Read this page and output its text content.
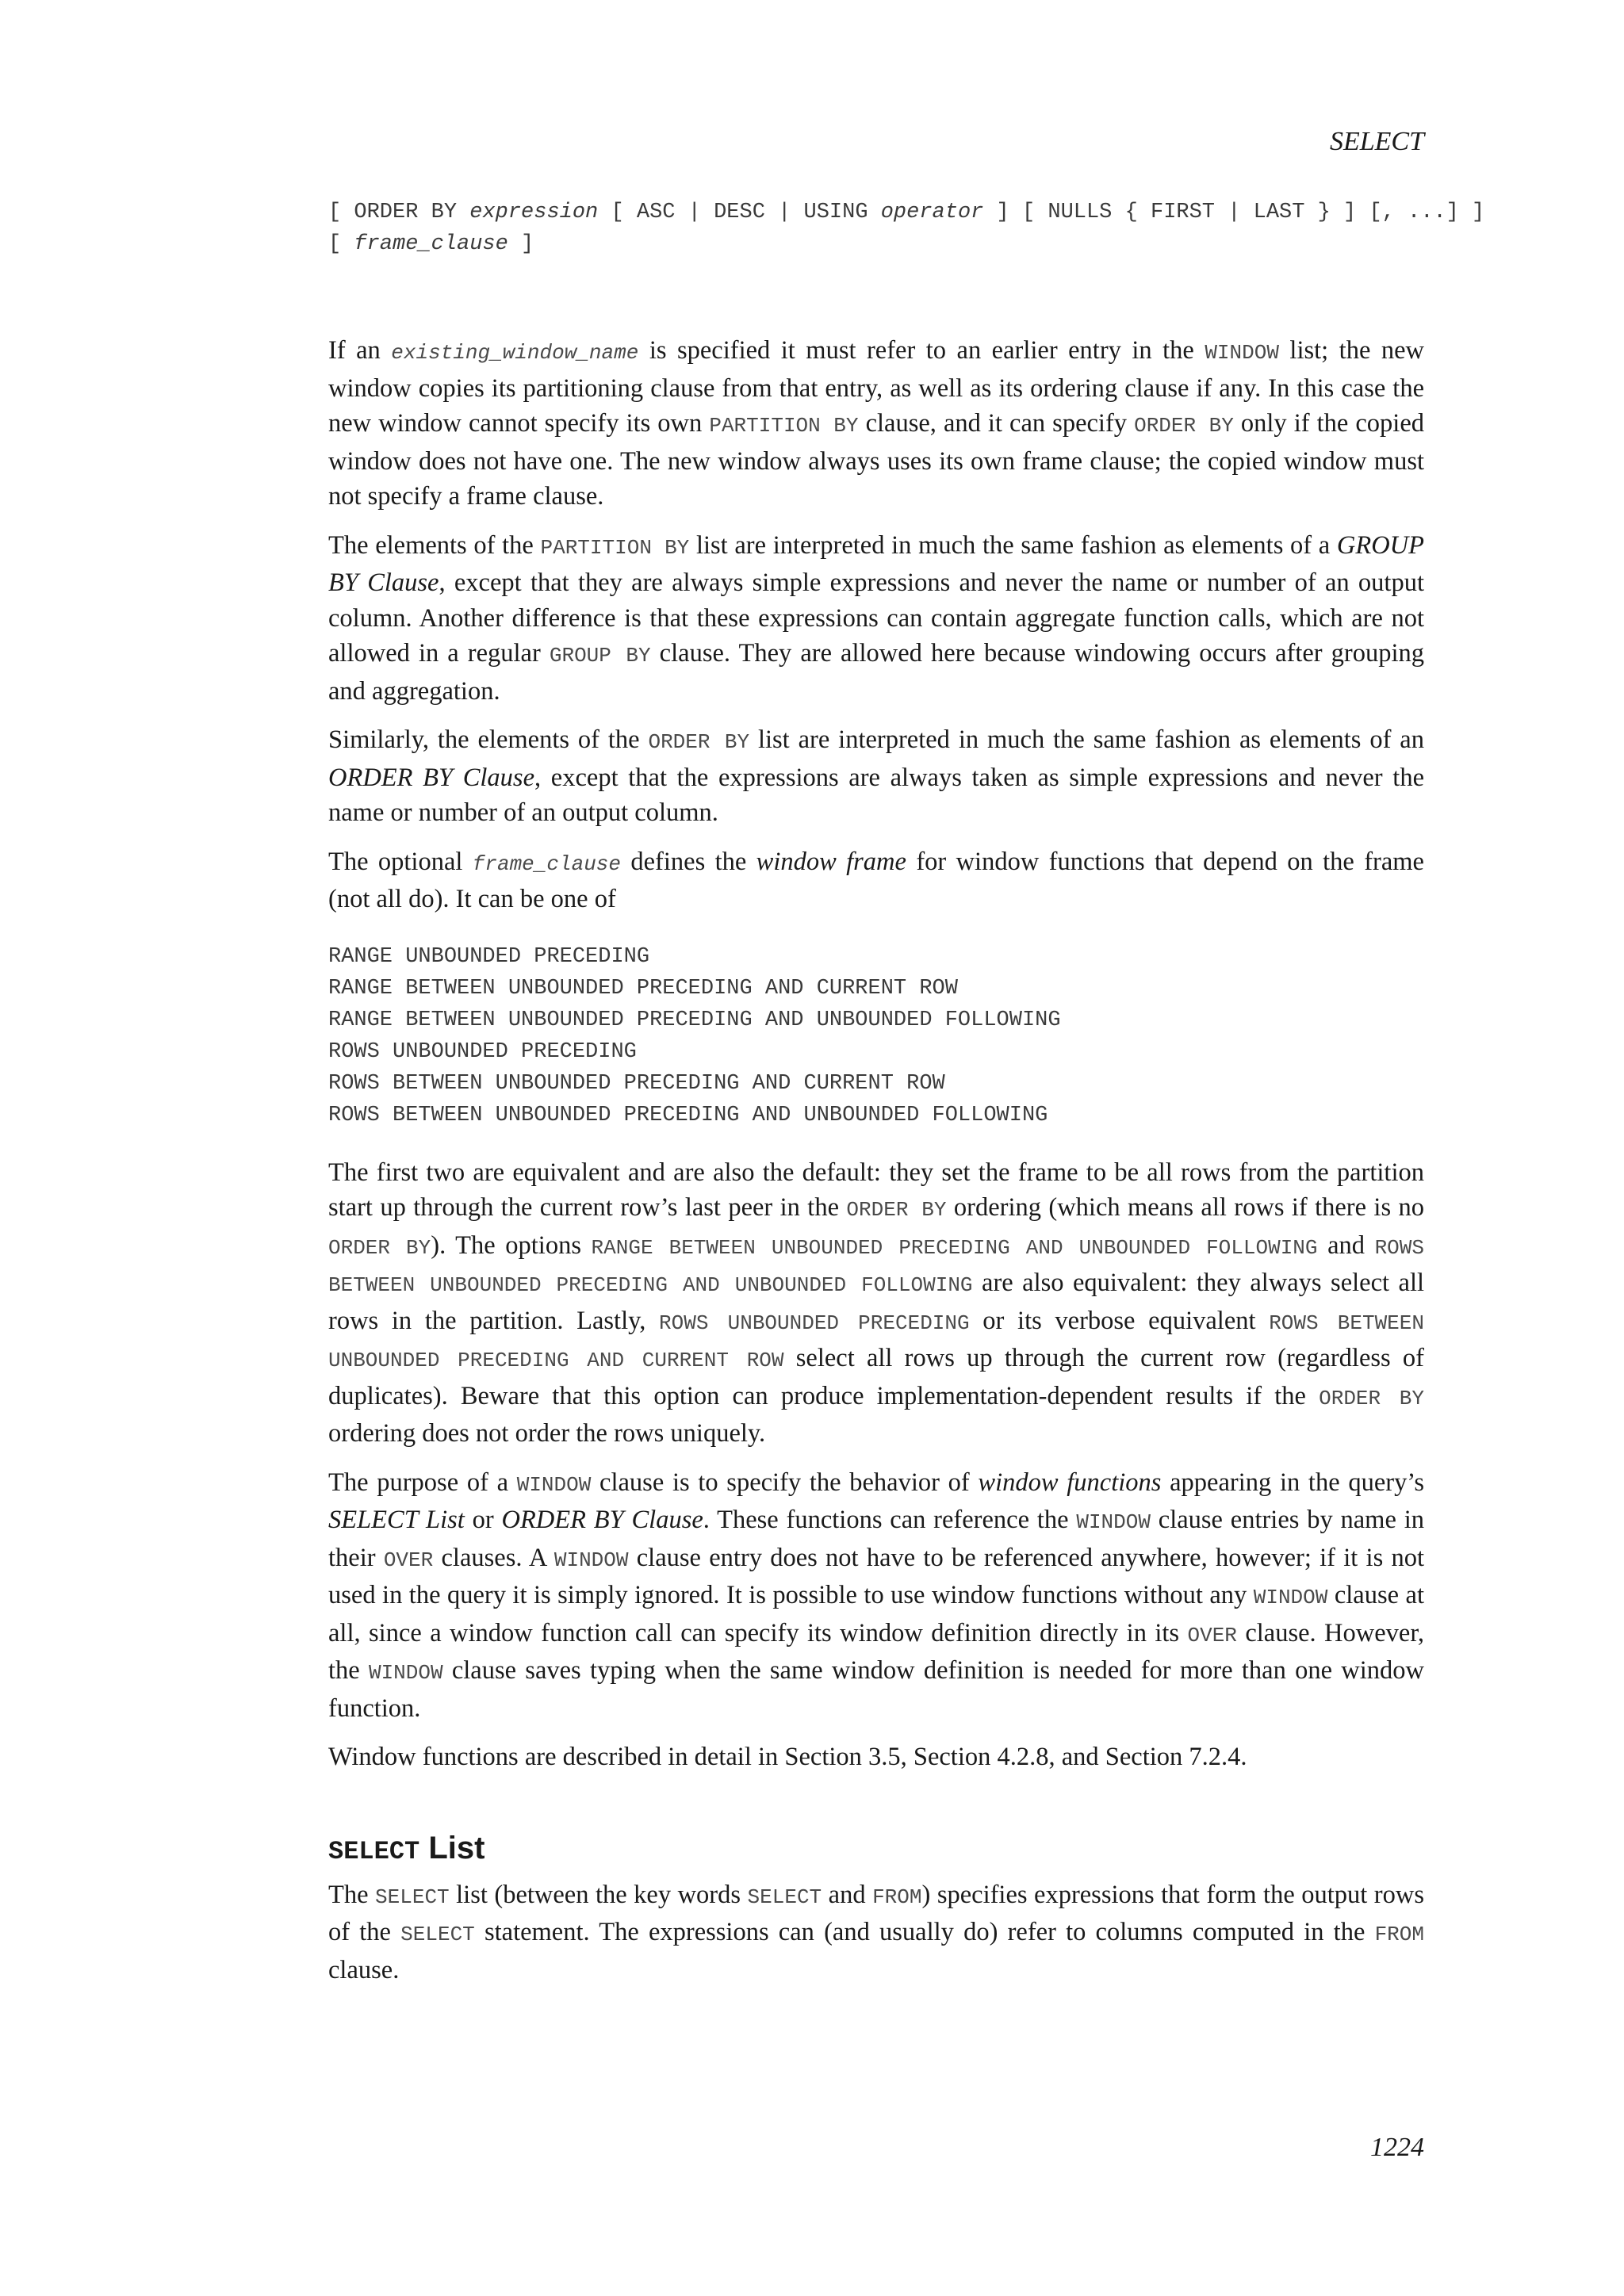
SELECT
[ ORDER BY expression [ ASC | DESC | USING operator ] [ NULLS { FIRST | LAST } ] [, ...] ]
[ frame_clause ]

If an existing_window_name is specified it must refer to an earlier entry in the WINDOW list; the new window copies its partitioning clause from that entry, as well as its ordering clause if any. In this case the new window cannot specify its own PARTITION BY clause, and it can specify ORDER BY only if the copied window does not have one. The new window always uses its own frame clause; the copied window must not specify a frame clause.

The elements of the PARTITION BY list are interpreted in much the same fashion as elements of a GROUP BY Clause, except that they are always simple expressions and never the name or number of an output column. Another difference is that these expressions can contain aggregate function calls, which are not allowed in a regular GROUP BY clause. They are allowed here because windowing occurs after grouping and aggregation.

Similarly, the elements of the ORDER BY list are interpreted in much the same fashion as elements of an ORDER BY Clause, except that the expressions are always taken as simple expressions and never the name or number of an output column.

The optional frame_clause defines the window frame for window functions that depend on the frame (not all do). It can be one of

RANGE UNBOUNDED PRECEDING
RANGE BETWEEN UNBOUNDED PRECEDING AND CURRENT ROW
RANGE BETWEEN UNBOUNDED PRECEDING AND UNBOUNDED FOLLOWING
ROWS UNBOUNDED PRECEDING
ROWS BETWEEN UNBOUNDED PRECEDING AND CURRENT ROW
ROWS BETWEEN UNBOUNDED PRECEDING AND UNBOUNDED FOLLOWING

The first two are equivalent and are also the default: they set the frame to be all rows from the partition start up through the current row’s last peer in the ORDER BY ordering (which means all rows if there is no ORDER BY). The options RANGE BETWEEN UNBOUNDED PRECEDING AND UNBOUNDED FOLLOWING and ROWS BETWEEN UNBOUNDED PRECEDING AND UNBOUNDED FOLLOWING are also equivalent: they always select all rows in the partition. Lastly, ROWS UNBOUNDED PRECEDING or its verbose equivalent ROWS BETWEEN UNBOUNDED PRECEDING AND CURRENT ROW select all rows up through the current row (regardless of duplicates). Beware that this option can produce implementation-dependent results if the ORDER BY ordering does not order the rows uniquely.

The purpose of a WINDOW clause is to specify the behavior of window functions appearing in the query’s SELECT List or ORDER BY Clause. These functions can reference the WINDOW clause entries by name in their OVER clauses. A WINDOW clause entry does not have to be referenced anywhere, however; if it is not used in the query it is simply ignored. It is possible to use window functions without any WINDOW clause at all, since a window function call can specify its window definition directly in its OVER clause. However, the WINDOW clause saves typing when the same window definition is needed for more than one window function.

Window functions are described in detail in Section 3.5, Section 4.2.8, and Section 7.2.4.

SELECT List

The SELECT list (between the key words SELECT and FROM) specifies expressions that form the output rows of the SELECT statement. The expressions can (and usually do) refer to columns computed in the FROM clause.

1224
